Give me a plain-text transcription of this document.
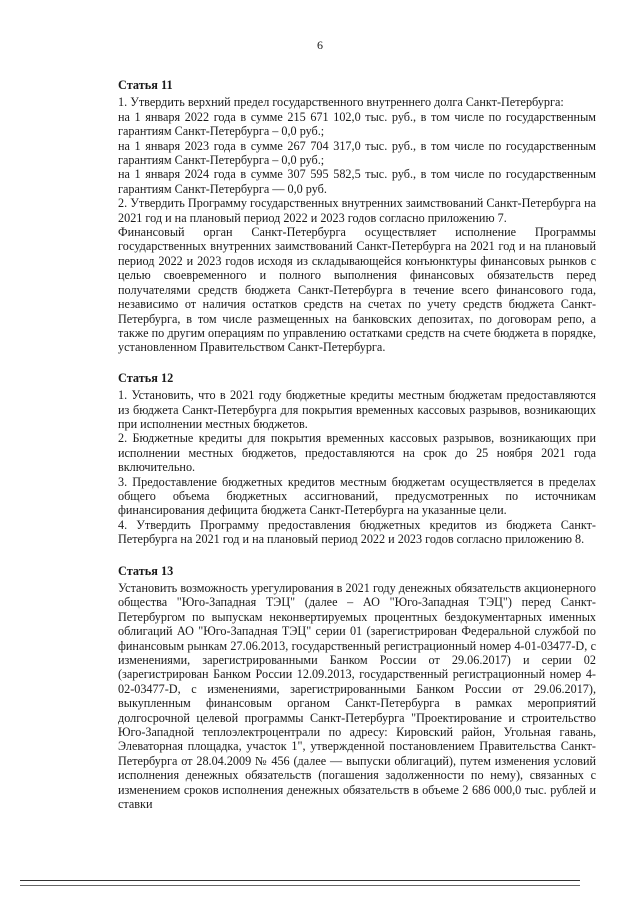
6
Статья 11

1. Утвердить верхний предел государственного внутреннего долга Санкт-Петербурга:

на 1 января 2022 года в сумме 215 671 102,0 тыс. руб., в том числе по государственным гарантиям Санкт-Петербурга – 0,0 руб.;

на 1 января 2023 года в сумме 267 704 317,0 тыс. руб., в том числе по государственным гарантиям Санкт-Петербурга – 0,0 руб.;

на 1 января 2024 года в сумме 307 595 582,5 тыс. руб., в том числе по государственным гарантиям Санкт-Петербурга — 0,0 руб.

2. Утвердить Программу государственных внутренних заимствований Санкт-Петербурга на 2021 год и на плановый период 2022 и 2023 годов согласно приложению 7.

Финансовый орган Санкт-Петербурга осуществляет исполнение Программы государственных внутренних заимствований Санкт-Петербурга на 2021 год и на плановый период 2022 и 2023 годов исходя из складывающейся конъюнктуры финансовых рынков с целью своевременного и полного выполнения финансовых обязательств перед получателями средств бюджета Санкт-Петербурга в течение всего финансового года, независимо от наличия остатков средств на счетах по учету средств бюджета Санкт-Петербурга, в том числе размещенных на банковских депозитах, по договорам репо, а также по другим операциям по управлению остатками средств на счете бюджета в порядке, установленном Правительством Санкт-Петербурга.

Статья 12

1. Установить, что в 2021 году бюджетные кредиты местным бюджетам предоставляются из бюджета Санкт-Петербурга для покрытия временных кассовых разрывов, возникающих при исполнении местных бюджетов.

2. Бюджетные кредиты для покрытия временных кассовых разрывов, возникающих при исполнении местных бюджетов, предоставляются на срок до 25 ноября 2021 года включительно.

3. Предоставление бюджетных кредитов местным бюджетам осуществляется в пределах общего объема бюджетных ассигнований, предусмотренных по источникам финансирования дефицита бюджета Санкт-Петербурга на указанные цели.

4. Утвердить Программу предоставления бюджетных кредитов из бюджета Санкт-Петербурга на 2021 год и на плановый период 2022 и 2023 годов согласно приложению 8.

Статья 13

Установить возможность урегулирования в 2021 году денежных обязательств акционерного общества "Юго-Западная ТЭЦ" (далее – АО "Юго-Западная ТЭЦ") перед Санкт-Петербургом по выпускам неконвертируемых процентных бездокументарных именных облигаций АО "Юго-Западная ТЭЦ" серии 01 (зарегистрирован Федеральной службой по финансовым рынкам 27.06.2013, государственный регистрационный номер 4-01-03477-D, с изменениями, зарегистрированными Банком России от 29.06.2017) и серии 02 (зарегистрирован Банком России 12.09.2013, государственный регистрационный номер 4-02-03477-D, с изменениями, зарегистрированными Банком России от 29.06.2017), выкупленным финансовым органом Санкт-Петербурга в рамках мероприятий долгосрочной целевой программы Санкт-Петербурга "Проектирование и строительство Юго-Западной теплоэлектроцентрали по адресу: Кировский район, Угольная гавань, Элеваторная площадка, участок 1", утвержденной постановлением Правительства Санкт-Петербурга от 28.04.2009 № 456 (далее — выпуски облигаций), путем изменения условий исполнения денежных обязательств (погашения задолженности по нему), связанных с изменением сроков исполнения денежных обязательств в объеме 2 686 000,0 тыс. рублей и ставки
